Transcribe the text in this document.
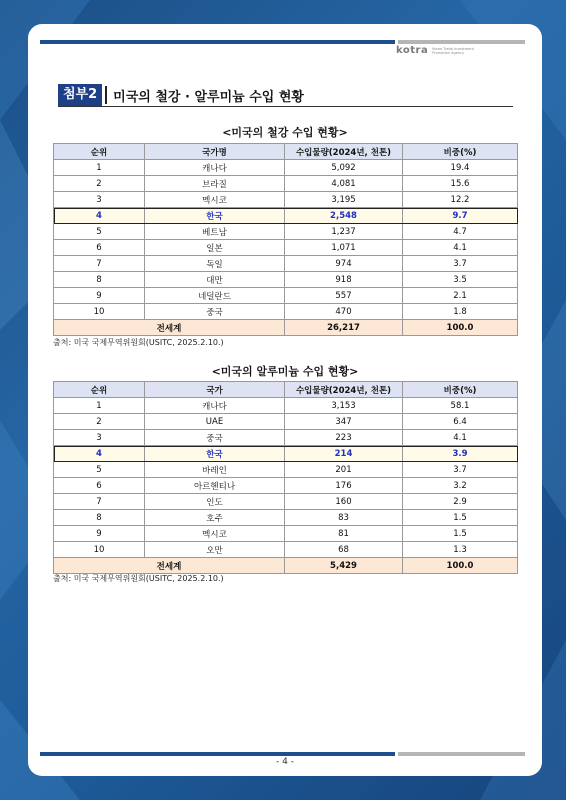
kotra Korea Trade-Investment Promotion Agency
첨부2	미국의 철강 · 알루미늄 수입 현황
<미국의 철강 수입 현황>
순위	국가명	수입물량(2024년, 천톤)	비중(%)
1	캐나다	5,092	19.4
2	브라질	4,081	15.6
3	멕시코	3,195	12.2
4	한국	2,548	9.7
5	베트남	1,237	4.7
6	일본	1,071	4.1
7	독일	974	3.7
8	대만	918	3.5
9	네덜란드	557	2.1
10	중국	470	1.8
전세계		26,217	100.0
출처: 미국 국제무역위원회(USITC, 2025.2.10.)
<미국의 알루미늄 수입 현황>
순위	국가	수입물량(2024년, 천톤)	비중(%)
1	캐나다	3,153	58.1
2	UAE	347	6.4
3	중국	223	4.1
4	한국	214	3.9
5	바레인	201	3.7
6	아르헨티나	176	3.2
7	인도	160	2.9
8	호주	83	1.5
9	멕시코	81	1.5
10	오만	68	1.3
전세계		5,429	100.0
출처: 미국 국제무역위원회(USITC, 2025.2.10.)
- 4 -
